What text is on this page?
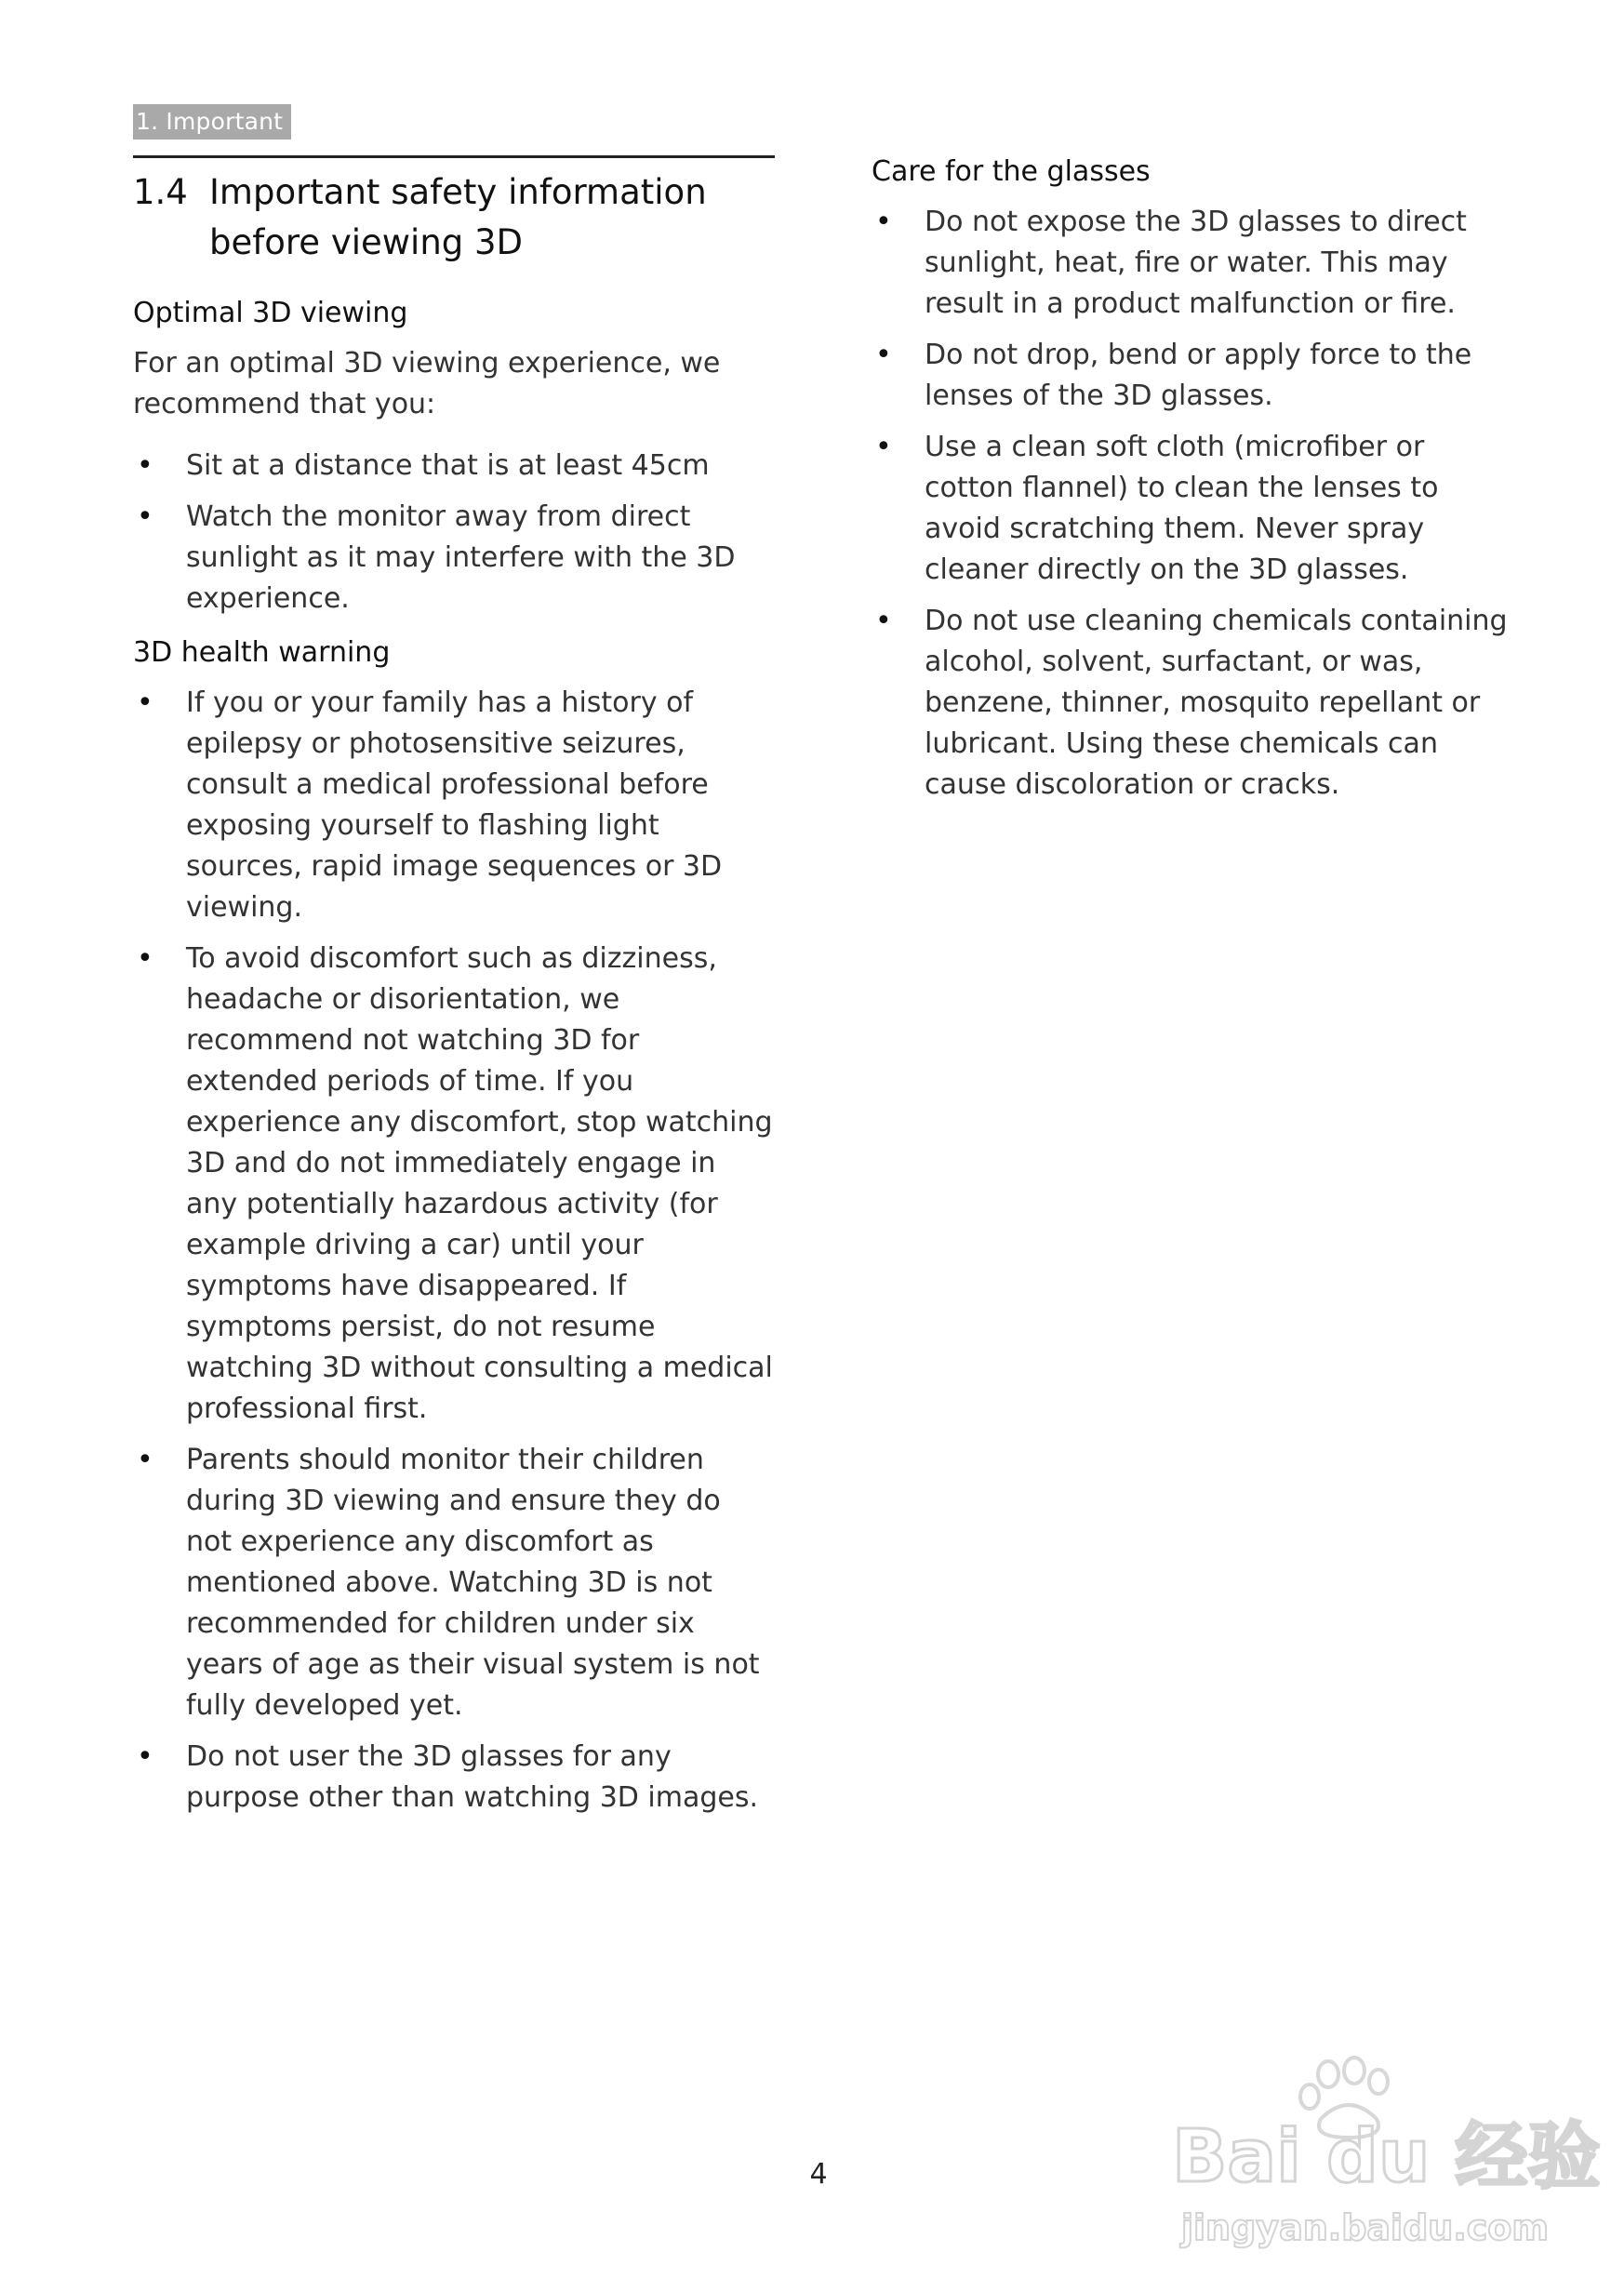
1. Important
1.4 Important safety information
before viewing 3D
Optimal 3D viewing
For an optimal 3D viewing experience, we recommend that you:
• Sit at a distance that is at least 45cm
• Watch the monitor away from direct sunlight as it may interfere with the 3D experience.
3D health warning
• If you or your family has a history of epilepsy or photosensitive seizures, consult a medical professional before exposing yourself to flashing light sources, rapid image sequences or 3D viewing.
• To avoid discomfort such as dizziness, headache or disorientation, we recommend not watching 3D for extended periods of time. If you experience any discomfort, stop watching 3D and do not immediately engage in any potentially hazardous activity (for example driving a car) until your symptoms have disappeared. If symptoms persist, do not resume watching 3D without consulting a medical professional first.
• Parents should monitor their children during 3D viewing and ensure they do not experience any discomfort as mentioned above. Watching 3D is not recommended for children under six years of age as their visual system is not fully developed yet.
• Do not user the 3D glasses for any purpose other than watching 3D images.
Care for the glasses
• Do not expose the 3D glasses to direct sunlight, heat, fire or water. This may result in a product malfunction or fire.
• Do not drop, bend or apply force to the lenses of the 3D glasses.
• Use a clean soft cloth (microfiber or cotton flannel) to clean the lenses to avoid scratching them. Never spray cleaner directly on the 3D glasses.
• Do not use cleaning chemicals containing alcohol, solvent, surfactant, or was, benzene, thinner, mosquito repellant or lubricant. Using these chemicals can cause discoloration or cracks.
4	Bai du 经验
jingyan.baidu.com
